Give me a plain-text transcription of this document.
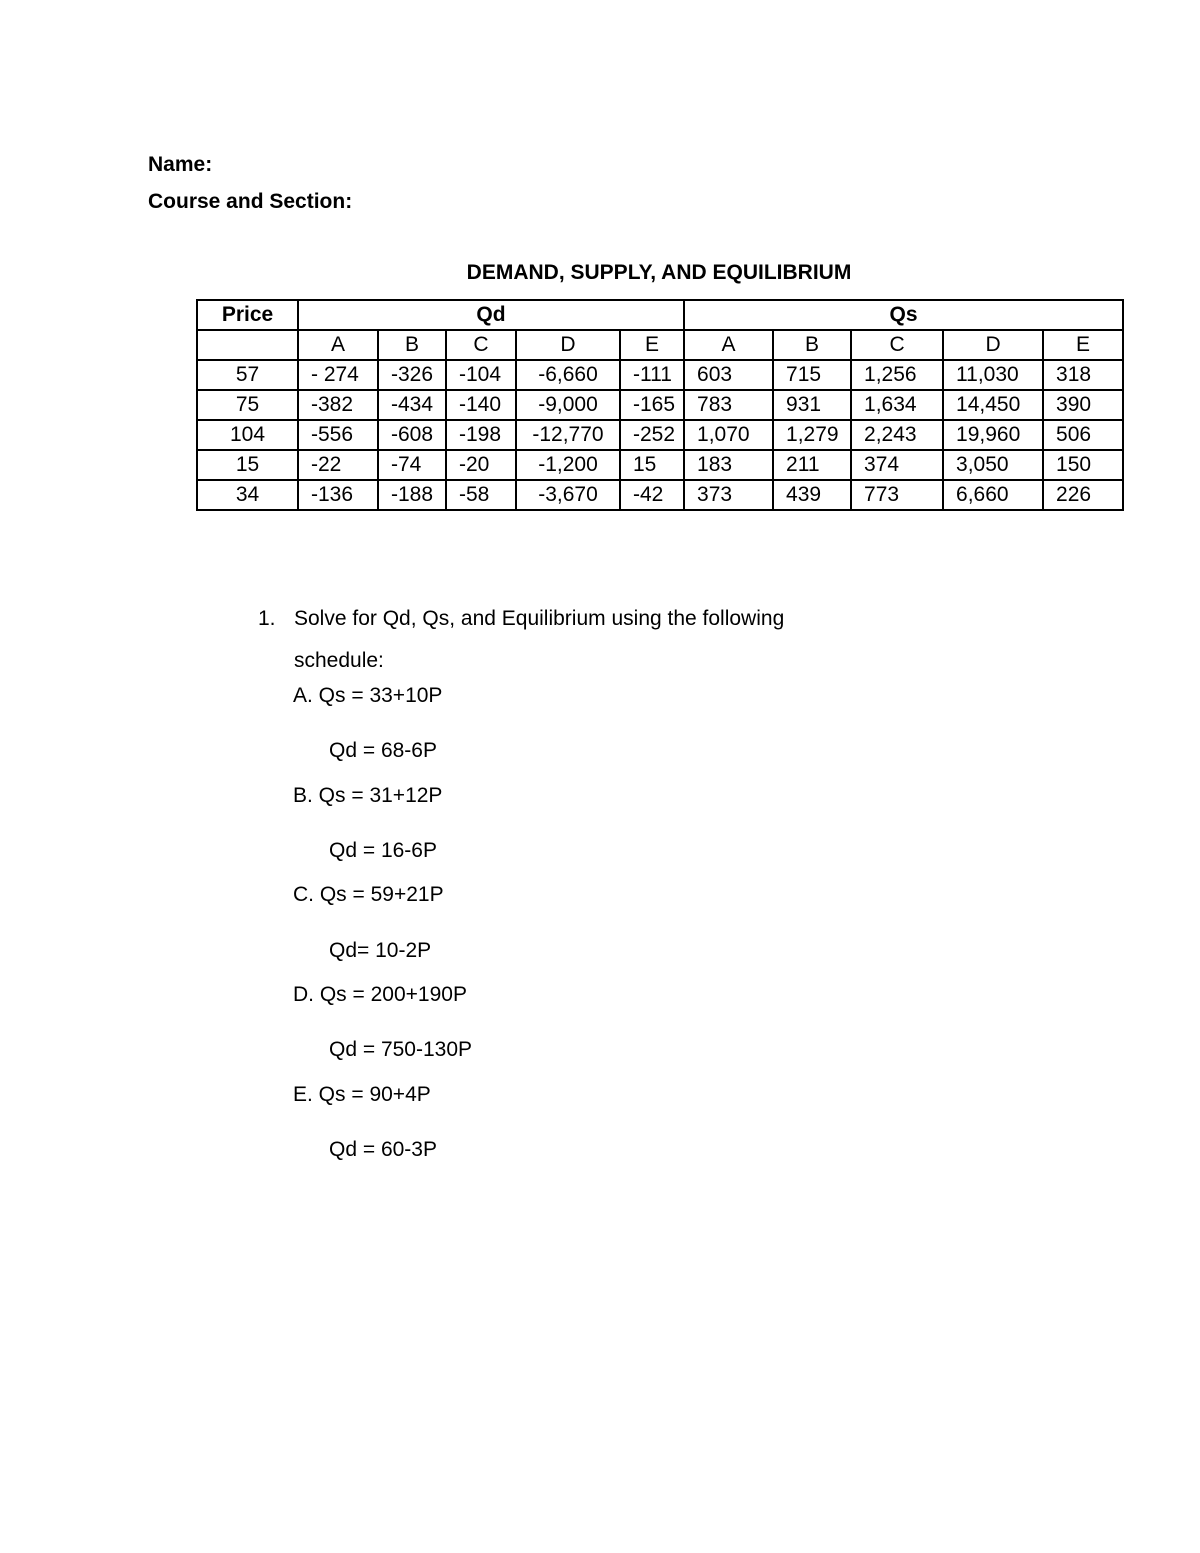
Name:
Course and Section:
DEMAND, SUPPLY, AND EQUILIBRIUM
Price	Qd					Qs				
	A	B	C	D	E	A	B	C	D	E
57	- 274	-326	-104	-6,660	-111	603	715	1,256	11,030	318
75	-382	-434	-140	-9,000	-165	783	931	1,634	14,450	390
104	-556	-608	-198	-12,770	-252	1,070	1,279	2,243	19,960	506
15	-22	-74	-20	-1,200	15	183	211	374	3,050	150
34	-136	-188	-58	-3,670	-42	373	439	773	6,660	226
1. Solve for Qd, Qs, and Equilibrium using the following schedule:
A. Qs = 33+10P
Qd = 68-6P
B. Qs = 31+12P
Qd = 16-6P
C. Qs = 59+21P
Qd= 10-2P
D. Qs = 200+190P
Qd = 750-130P
E. Qs = 90+4P
Qd = 60-3P
